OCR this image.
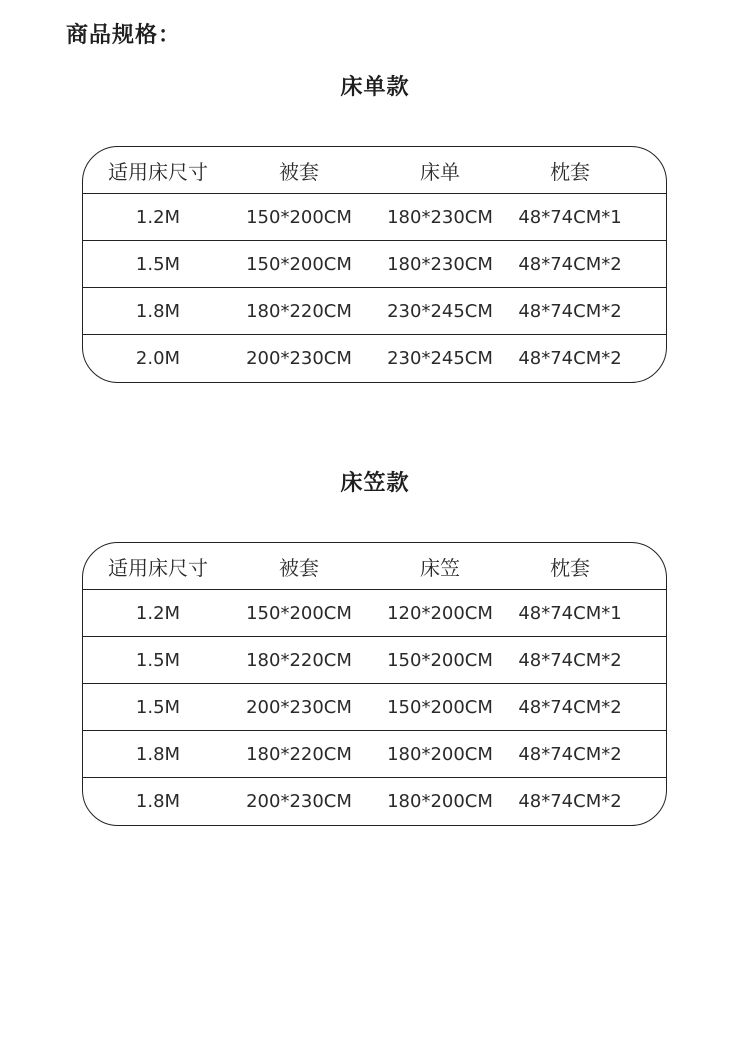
商品规格：
床单款
适用床尺寸	被套	床单	枕套
1.2M	150*200CM	180*230CM	48*74CM*1
1.5M	150*200CM	180*230CM	48*74CM*2
1.8M	180*220CM	230*245CM	48*74CM*2
2.0M	200*230CM	230*245CM	48*74CM*2
床笠款
适用床尺寸	被套	床笠	枕套
1.2M	150*200CM	120*200CM	48*74CM*1
1.5M	180*220CM	150*200CM	48*74CM*2
1.5M	200*230CM	150*200CM	48*74CM*2
1.8M	180*220CM	180*200CM	48*74CM*2
1.8M	200*230CM	180*200CM	48*74CM*2
